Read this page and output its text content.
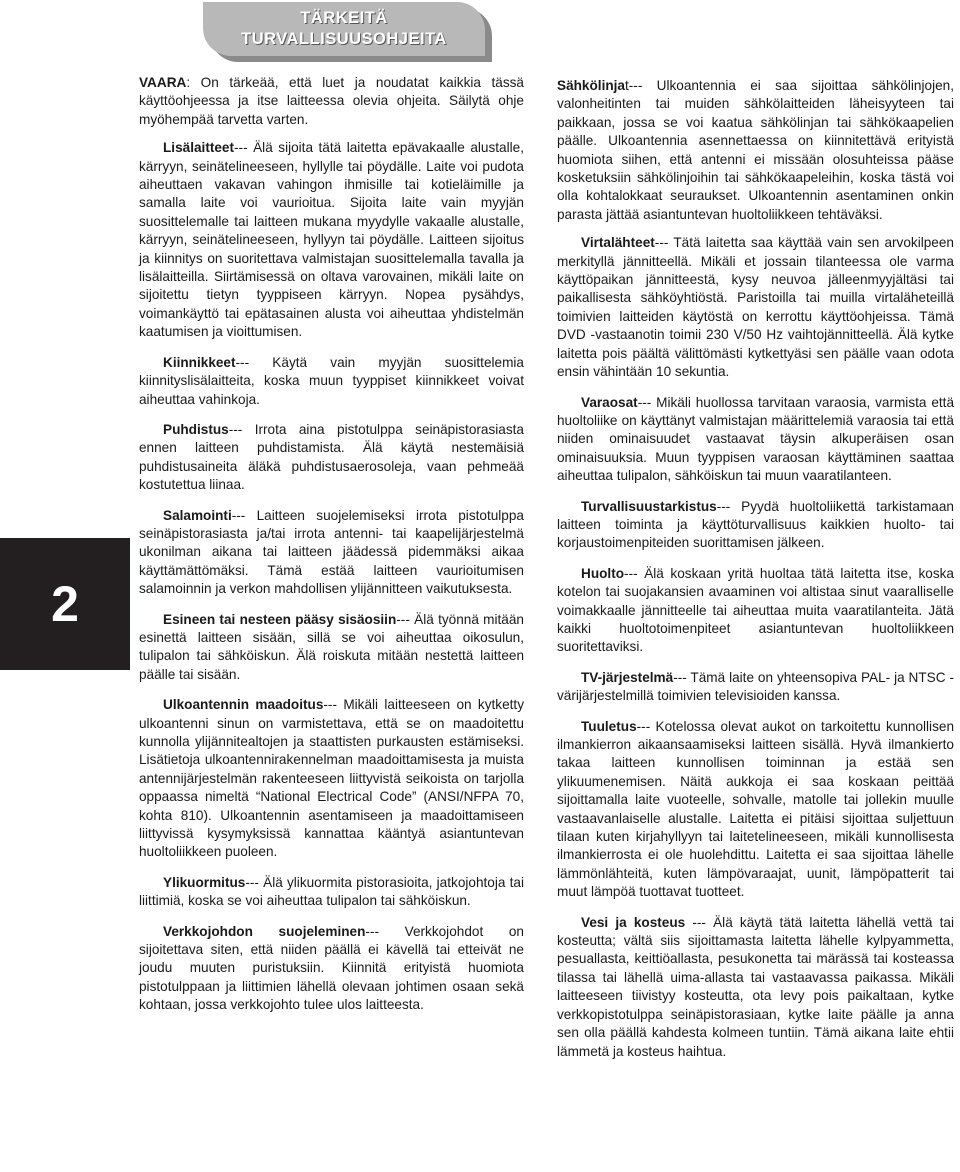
TÄRKEITÄ
TURVALLISUUSOHJEITA
2

VAARA: On tärkeää, että luet ja noudatat kaikkia tässä käyttöohjeessa ja itse laitteessa olevia ohjeita. Säilytä ohje myöhempää tarvetta varten.

Lisälaitteet--- Älä sijoita tätä laitetta epävakaalle alustalle, kärryyn, seinätelineeseen, hyllylle tai pöydälle. Laite voi pudota aiheuttaen vakavan vahingon ihmisille tai kotieläimille ja samalla laite voi vaurioitua. Sijoita laite vain myyjän suosittelemalle tai laitteen mukana myydylle vakaalle alustalle, kärryyn, seinätelineeseen, hyllyyn tai pöydälle. Laitteen sijoitus ja kiinnitys on suoritettava valmistajan suosittelemalla tavalla ja lisälaitteilla. Siirtämisessä on oltava varovainen, mikäli laite on sijoitettu tietyn tyyppiseen kärryyn. Nopea pysähdys, voimankäyttö tai epätasainen alusta voi aiheuttaa yhdistelmän kaatumisen ja vioittumisen.

Kiinnikkeet--- Käytä vain myyjän suosittelemia kiinnityslisälaitteita, koska muun tyyppiset kiinnikkeet voivat aiheuttaa vahinkoja.

Puhdistus--- Irrota aina pistotulppa seinäpistorasiasta ennen laitteen puhdistamista. Älä käytä nestemäisiä puhdistusaineita äläkä puhdistusaerosoleja, vaan pehmeää kostutettua liinaa.

Salamointi--- Laitteen suojelemiseksi irrota pistotulppa seinäpistorasiasta ja/tai irrota antenni- tai kaapelijärjestelmä ukonilman aikana tai laitteen jäädessä pidemmäksi aikaa käyttämättömäksi. Tämä estää laitteen vaurioitumisen salamoinnin ja verkon mahdollisen ylijännitteen vaikutuksesta.

Esineen tai nesteen pääsy sisäosiin--- Älä työnnä mitään esinettä laitteen sisään, sillä se voi aiheuttaa oikosulun, tulipalon tai sähköiskun. Älä roiskuta mitään nestettä laitteen päälle tai sisään.

Ulkoantennin maadoitus--- Mikäli laitteeseen on kytketty ulkoantenni sinun on varmistettava, että se on maadoitettu kunnolla ylijännitealtojen ja staattisten purkausten estämiseksi. Lisätietoja ulkoantennirakennelman maadoittamisesta ja muista antennijärjestelmän rakenteeseen liittyvistä seikoista on tarjolla oppaassa nimeltä “National Electrical Code” (ANSI/NFPA 70, kohta 810). Ulkoantennin asentamiseen ja maadoittamiseen liittyvissä kysymyksissä kannattaa kääntyä asiantuntevan huoltoliikkeen puoleen.

Ylikuormitus--- Älä ylikuormita pistorasioita, jatkojohtoja tai liittimiä, koska se voi aiheuttaa tulipalon tai sähköiskun.

Verkkojohdon suojeleminen--- Verkkojohdot on sijoitettava siten, että niiden päällä ei kävellä tai etteivät ne joudu muuten puristuksiin. Kiinnitä erityistä huomiota pistotulppaan ja liittimien lähellä olevaan johtimen osaan sekä kohtaan, jossa verkkojohto tulee ulos laitteesta.

Sähkölinjat--- Ulkoantennia ei saa sijoittaa sähkölinjojen, valonheitinten tai muiden sähkölaitteiden läheisyyteen tai paikkaan, jossa se voi kaatua sähkölinjan tai sähkökaapelien päälle. Ulkoantennia asennettaessa on kiinnitettävä erityistä huomiota siihen, että antenni ei missään olosuhteissa pääse kosketuksiin sähkölinjoihin tai sähkökaapeleihin, koska tästä voi olla kohtalokkaat seuraukset. Ulkoantennin asentaminen onkin parasta jättää asiantuntevan huoltoliikkeen tehtäväksi.

Virtalähteet--- Tätä laitetta saa käyttää vain sen arvokilpeen merkityllä jännitteellä. Mikäli et jossain tilanteessa ole varma käyttöpaikan jännitteestä, kysy neuvoa jälleenmyyjältäsi tai paikallisesta sähköyhtiöstä. Paristoilla tai muilla virtaläheteillä toimivien laitteiden käytöstä on kerrottu käyttöohjeissa. Tämä DVD -vastaanotin toimii 230 V/50 Hz vaihtojännitteellä. Älä kytke laitetta pois päältä välittömästi kytkettyäsi sen päälle vaan odota ensin vähintään 10 sekuntia.

Varaosat--- Mikäli huollossa tarvitaan varaosia, varmista että huoltoliike on käyttänyt valmistajan määrittelemiä varaosia tai että niiden ominaisuudet vastaavat täysin alkuperäisen osan ominaisuuksia. Muun tyyppisen varaosan käyttäminen saattaa aiheuttaa tulipalon, sähköiskun tai muun vaaratilanteen.

Turvallisuustarkistus--- Pyydä huoltoliikettä tarkistamaan laitteen toiminta ja käyttöturvallisuus kaikkien huolto- tai korjaustoimenpiteiden suorittamisen jälkeen.

Huolto--- Älä koskaan yritä huoltaa tätä laitetta itse, koska kotelon tai suojakansien avaaminen voi altistaa sinut vaaralliselle voimakkaalle jännitteelle tai aiheuttaa muita vaaratilanteita. Jätä kaikki huoltotoimenpiteet asiantuntevan huoltoliikkeen suoritettaviksi.

TV-järjestelmä--- Tämä laite on yhteensopiva PAL- ja NTSC -värijärjestelmillä toimivien televisioiden kanssa.

Tuuletus--- Kotelossa olevat aukot on tarkoitettu kunnollisen ilmankierron aikaansaamiseksi laitteen sisällä. Hyvä ilmankierto takaa laitteen kunnollisen toiminnan ja estää sen ylikuumenemisen. Näitä aukkoja ei saa koskaan peittää sijoittamalla laite vuoteelle, sohvalle, matolle tai jollekin muulle vastaavanlaiselle alustalle. Laitetta ei pitäisi sijoittaa suljettuun tilaan kuten kirjahyllyyn tai laitetelineeseen, mikäli kunnollisesta ilmankierrosta ei ole huolehdittu. Laitetta ei saa sijoittaa lähelle lämmönlähteitä, kuten lämpövaraajat, uunit, lämpöpatterit tai muut lämpöä tuottavat tuotteet.

Vesi ja kosteus --- Älä käytä tätä laitetta lähellä vettä tai kosteutta; vältä siis sijoittamasta laitetta lähelle kylpyammetta, pesuallasta, keittiöallasta, pesukonetta tai märässä tai kosteassa tilassa tai lähellä uima-allasta tai vastaavassa paikassa. Mikäli laitteeseen tiivistyy kosteutta, ota levy pois paikaltaan, kytke verkkopistotulppa seinäpistorasiaan, kytke laite päälle ja anna sen olla päällä kahdesta kolmeen tuntiin. Tämä aikana laite ehtii lämmetä ja kosteus haihtua.
